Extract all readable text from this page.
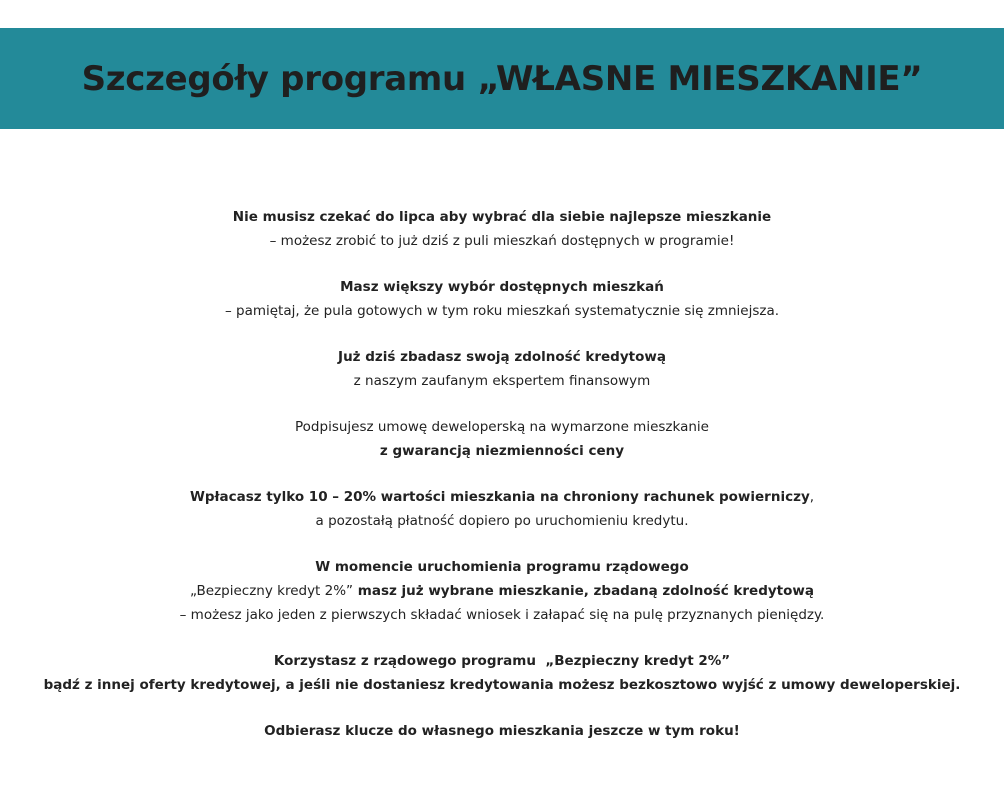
Szczegóły programu „WŁASNE MIESZKANIE”
Nie musisz czekać do lipca aby wybrać dla siebie najlepsze mieszkanie
– możesz zrobić to już dziś z puli mieszkań dostępnych w programie!
Masz większy wybór dostępnych mieszkań
– pamiętaj, że pula gotowych w tym roku mieszkań systematycznie się zmniejsza.
Już dziś zbadasz swoją zdolność kredytową
z naszym zaufanym ekspertem finansowym
Podpisujesz umowę deweloperską na wymarzone mieszkanie
z gwarancją niezmienności ceny
Wpłacasz tylko 10 – 20% wartości mieszkania na chroniony rachunek powierniczy,
a pozostałą płatność dopiero po uruchomieniu kredytu.
W momencie uruchomienia programu rządowego
„Bezpieczny kredyt 2%” masz już wybrane mieszkanie, zbadaną zdolność kredytową
– możesz jako jeden z pierwszych składać wniosek i załapać się na pulę przyznanych pieniędzy.
Korzystasz z rządowego programu  „Bezpieczny kredyt 2%”
bądź z innej oferty kredytowej, a jeśli nie dostaniesz kredytowania możesz bezkosztowo wyjść z umowy deweloperskiej.
Odbierasz klucze do własnego mieszkania jeszcze w tym roku!
